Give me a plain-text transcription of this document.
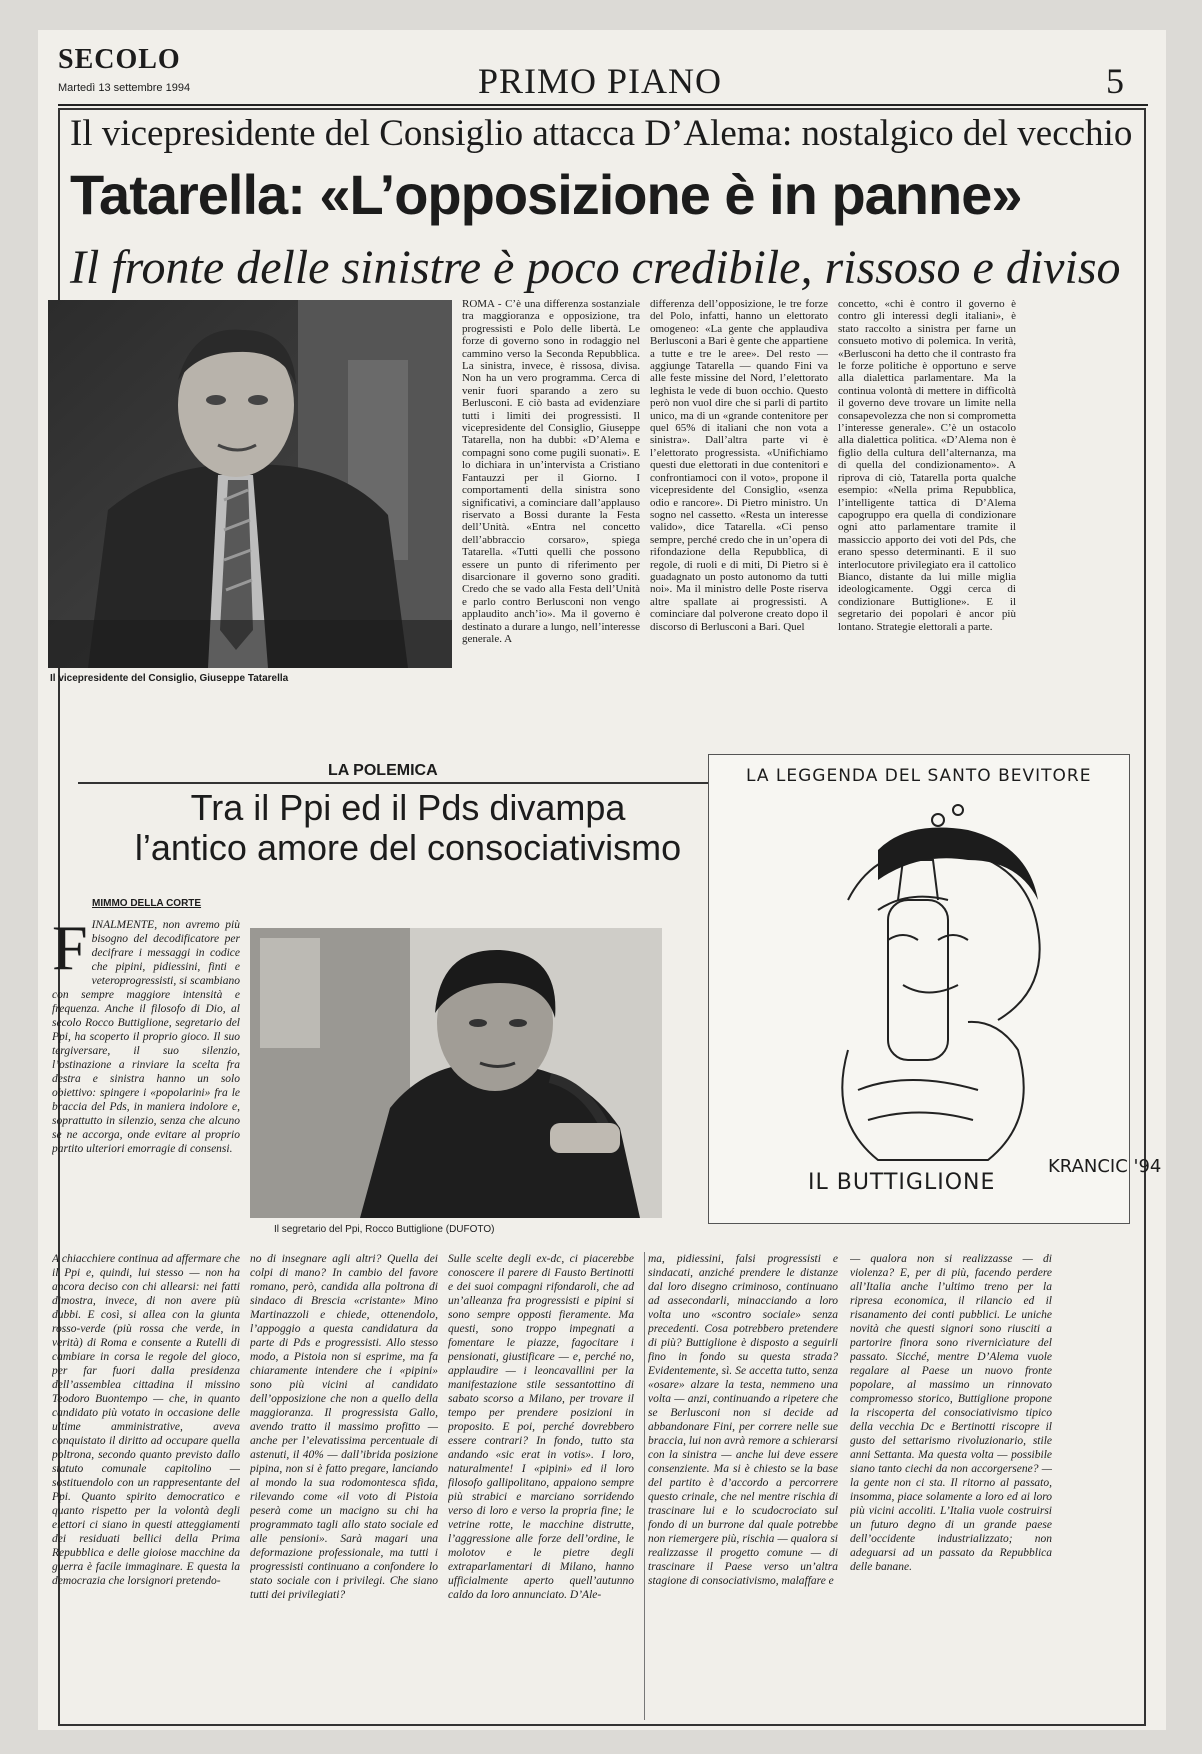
SECOLO
Martedì 13 settembre 1994	PRIMO PIANO	5
Il vicepresidente del Consiglio attacca D’Alema: nostalgico del vecchio
Tatarella: «L’opposizione è in panne»
Il fronte delle sinistre è poco credibile, rissoso e diviso
Il vicepresidente del Consiglio, Giuseppe Tatarella
ROMA - C’è una differenza sostanziale tra maggioranza e opposizione, tra progressisti e Polo delle libertà. Le forze di governo sono in rodaggio nel cammino verso la Seconda Repubblica. La sinistra, invece, è rissosa, divisa. Non ha un vero programma. Cerca di venir fuori sparando a zero su Berlusconi. E ciò basta ad evidenziare tutti i limiti dei progressisti. Il vicepresidente del Consiglio, Giuseppe Tatarella, non ha dubbi: «D’Alema e compagni sono come pugili suonati». E lo dichiara in un’intervista a Cristiano Fantauzzi per il Giorno. I comportamenti della sinistra sono significativi, a cominciare dall’applauso riservato a Bossi durante la Festa dell’Unità. «Entra nel concetto dell’abbraccio corsaro», spiega Tatarella. «Tutti quelli che possono essere un punto di riferimento per disarcionare il governo sono graditi. Credo che se vado alla Festa dell’Unità e parlo contro Berlusconi non vengo applaudito anch’io». Ma il governo è destinato a durare a lungo, nell’interesse generale. A
differenza dell’opposizione, le tre forze del Polo, infatti, hanno un elettorato omogeneo: «La gente che applaudiva Berlusconi a Bari è gente che appartiene a tutte e tre le aree». Del resto — aggiunge Tatarella — quando Fini va alle feste missine del Nord, l’elettorato leghista le vede di buon occhio. Questo però non vuol dire che si parli di partito unico, ma di un «grande contenitore per quel 65% di italiani che non vota a sinistra». Dall’altra parte vi è l’elettorato progressista. «Unifichiamo questi due elettorati in due contenitori e confrontiamoci con il voto», propone il vicepresidente del Consiglio, «senza odio e rancore». Di Pietro ministro. Un sogno nel cassetto. «Resta un interesse valido», dice Tatarella. «Ci penso sempre, perché credo che in un’opera di rifondazione della Repubblica, di regole, di ruoli e di miti, Di Pietro si è guadagnato un posto autonomo da tutti noi». Ma il ministro delle Poste riserva altre spallate ai progressisti. A cominciare dal polverone creato dopo il discorso di Berlusconi a Bari. Quel
concetto, «chi è contro il governo è contro gli interessi degli italiani», è stato raccolto a sinistra per farne un consueto motivo di polemica. In verità, «Berlusconi ha detto che il contrasto fra le forze politiche è opportuno e serve alla dialettica parlamentare. Ma la continua volontà di mettere in difficoltà il governo deve trovare un limite nella consapevolezza che non si comprometta l’interesse generale». C’è un ostacolo alla dialettica politica. «D’Alema non è figlio della cultura dell’alternanza, ma di quella del condizionamento». A riprova di ciò, Tatarella porta qualche esempio: «Nella prima Repubblica, l’intelligente tattica di D’Alema capogruppo era quella di condizionare ogni atto parlamentare tramite il massiccio apporto dei voti del Pds, che erano spesso determinanti. E il suo interlocutore privilegiato era il cattolico Bianco, distante da lui mille miglia ideologicamente. Oggi cerca di condizionare Buttiglione». E il segretario dei popolari è ancor più lontano. Strategie elettorali a parte.
LA POLEMICA
Tra il Ppi ed il Pds divampa
l’antico amore del consociativismo
MIMMO DELLA CORTE
FINALMENTE, non avremo più bisogno del decodificatore per decifrare i messaggi in codice che pipini, pidiessini, finti e veteroprogressisti, si scambiano con sempre maggiore intensità e frequenza. Anche il filosofo di Dio, al secolo Rocco Buttiglione, segretario del Ppi, ha scoperto il proprio gioco. Il suo tergiversare, il suo silenzio, l’ostinazione a rinviare la scelta fra destra e sinistra hanno un solo obiettivo: spingere i «popolarini» fra le braccia del Pds, in maniera indolore e, soprattutto in silenzio, senza che alcuno se ne accorga, onde evitare al proprio partito ulteriori emorragie di consensi.
Il segretario del Ppi, Rocco Buttiglione (DUFOTO)
A chiacchiere continua ad affermare che il Ppi e, quindi, lui stesso — non ha ancora deciso con chi allearsi: nei fatti dimostra, invece, di non avere più dubbi. E così, si allea con la giunta rosso-verde (più rossa che verde, in verità) di Roma e consente a Rutelli di cambiare in corsa le regole del gioco, per far fuori dalla presidenza dell’assemblea cittadina il missino Teodoro Buontempo — che, in quanto candidato più votato in occasione delle ultime amministrative, aveva conquistato il diritto ad occupare quella poltrona, secondo quanto previsto dallo statuto comunale capitolino — sostituendolo con un rappresentante del Ppi. Quanto spirito democratico e quanto rispetto per la volontà degli elettori ci siano in questi atteggiamenti dei residuati bellici della Prima Repubblica e delle gioiose macchine da guerra è facile immaginare. E questa la democrazia che lorsignori pretendo-
no di insegnare agli altri? Quella dei colpi di mano? In cambio del favore romano, però, candida alla poltrona di sindaco di Brescia «cristante» Mino Martinazzoli e chiede, ottenendolo, l’appoggio a questa candidatura da parte di Pds e progressisti. Allo stesso modo, a Pistoia non si esprime, ma fa chiaramente intendere che i «pipini» sono più vicini al candidato dell’opposizione che non a quello della maggioranza. Il progressista Gallo, avendo tratto il massimo profitto — anche per l’elevatissima percentuale di astenuti, il 40% — dall’ibrida posizione pipina, non si è fatto pregare, lanciando al mondo la sua rodomontesca sfida, rilevando come «il voto di Pistoia peserà come un macigno su chi ha programmato tagli allo stato sociale ed alle pensioni». Sarà magari una deformazione professionale, ma tutti i progressisti continuano a confondere lo stato sociale con i privilegi. Che siano tutti dei privilegiati?
Sulle scelte degli ex-dc, ci piacerebbe conoscere il parere di Fausto Bertinotti e dei suoi compagni rifondaroli, che ad un’alleanza fra progressisti e pipini si sono sempre opposti fieramente. Ma questi, sono troppo impegnati a fomentare le piazze, fagocitare i pensionati, giustificare — e, perché no, applaudire — i leoncavallini per la manifestazione stile sessantottino di sabato scorso a Milano, per trovare il tempo per prendere posizioni in proposito. E poi, perché dovrebbero essere contrari? In fondo, tutto sta andando «sic erat in votis». I loro, naturalmente! I «pipini» ed il loro filosofo gallipolitano, appaiono sempre più strabici e marciano sorridendo verso di loro e verso la propria fine; le vetrine rotte, le macchine distrutte, l’aggressione alle forze dell’ordine, le molotov e le pietre degli extraparlamentari di Milano, hanno ufficialmente aperto quell’autunno caldo da loro annunciato. D’Ale-
ma, pidiessini, falsi progressisti e sindacati, anziché prendere le distanze dal loro disegno criminoso, continuano ad assecondarli, minacciando a loro volta uno «scontro sociale» senza precedenti. Cosa potrebbero pretendere di più? Buttiglione è disposto a seguirli fino in fondo su questa strada? Evidentemente, sì. Se accetta tutto, senza «osare» alzare la testa, nemmeno una volta — anzi, continuando a ripetere che se Berlusconi non si decide ad abbandonare Fini, per correre nelle sue braccia, lui non avrà remore a schierarsi con la sinistra — anche lui deve essere consenziente. Ma si è chiesto se la base del partito è d’accordo a percorrere questo crinale, che nel mentre rischia di trascinare lui e lo scudocrociato sul fondo di un burrone dal quale potrebbe non riemergere più, rischia — qualora si realizzasse il progetto comune — di trascinare il Paese verso un’altra stagione di consociativismo, malaffare e
— qualora non si realizzasse — di violenza? E, per di più, facendo perdere all’Italia anche l’ultimo treno per la ripresa economica, il rilancio ed il risanamento dei conti pubblici. Le uniche novità che questi signori sono riusciti a partorire finora sono rivernicìature del passato. Sicché, mentre D’Alema vuole regalare al Paese un nuovo fronte popolare, al massimo un rinnovato compromesso storico, Buttiglione propone la riscoperta del consociativismo tipico della vecchia Dc e Bertinotti riscopre il gusto del settarismo rivoluzionario, stile anni Settanta. Ma questa volta — possibile siano tanto ciechi da non accorgersene? — la gente non ci sta. Il ritorno al passato, insomma, piace solamente a loro ed ai loro più vicini accoliti. L’Italia vuole costruirsi un futuro degno di un grande paese dell’occidente industrializzato; non adeguarsi ad un passato da Repubblica delle banane.
LA LEGGENDA DEL SANTO BEVITORE
IL BUTTIGLIONE
KRANCIC '94
